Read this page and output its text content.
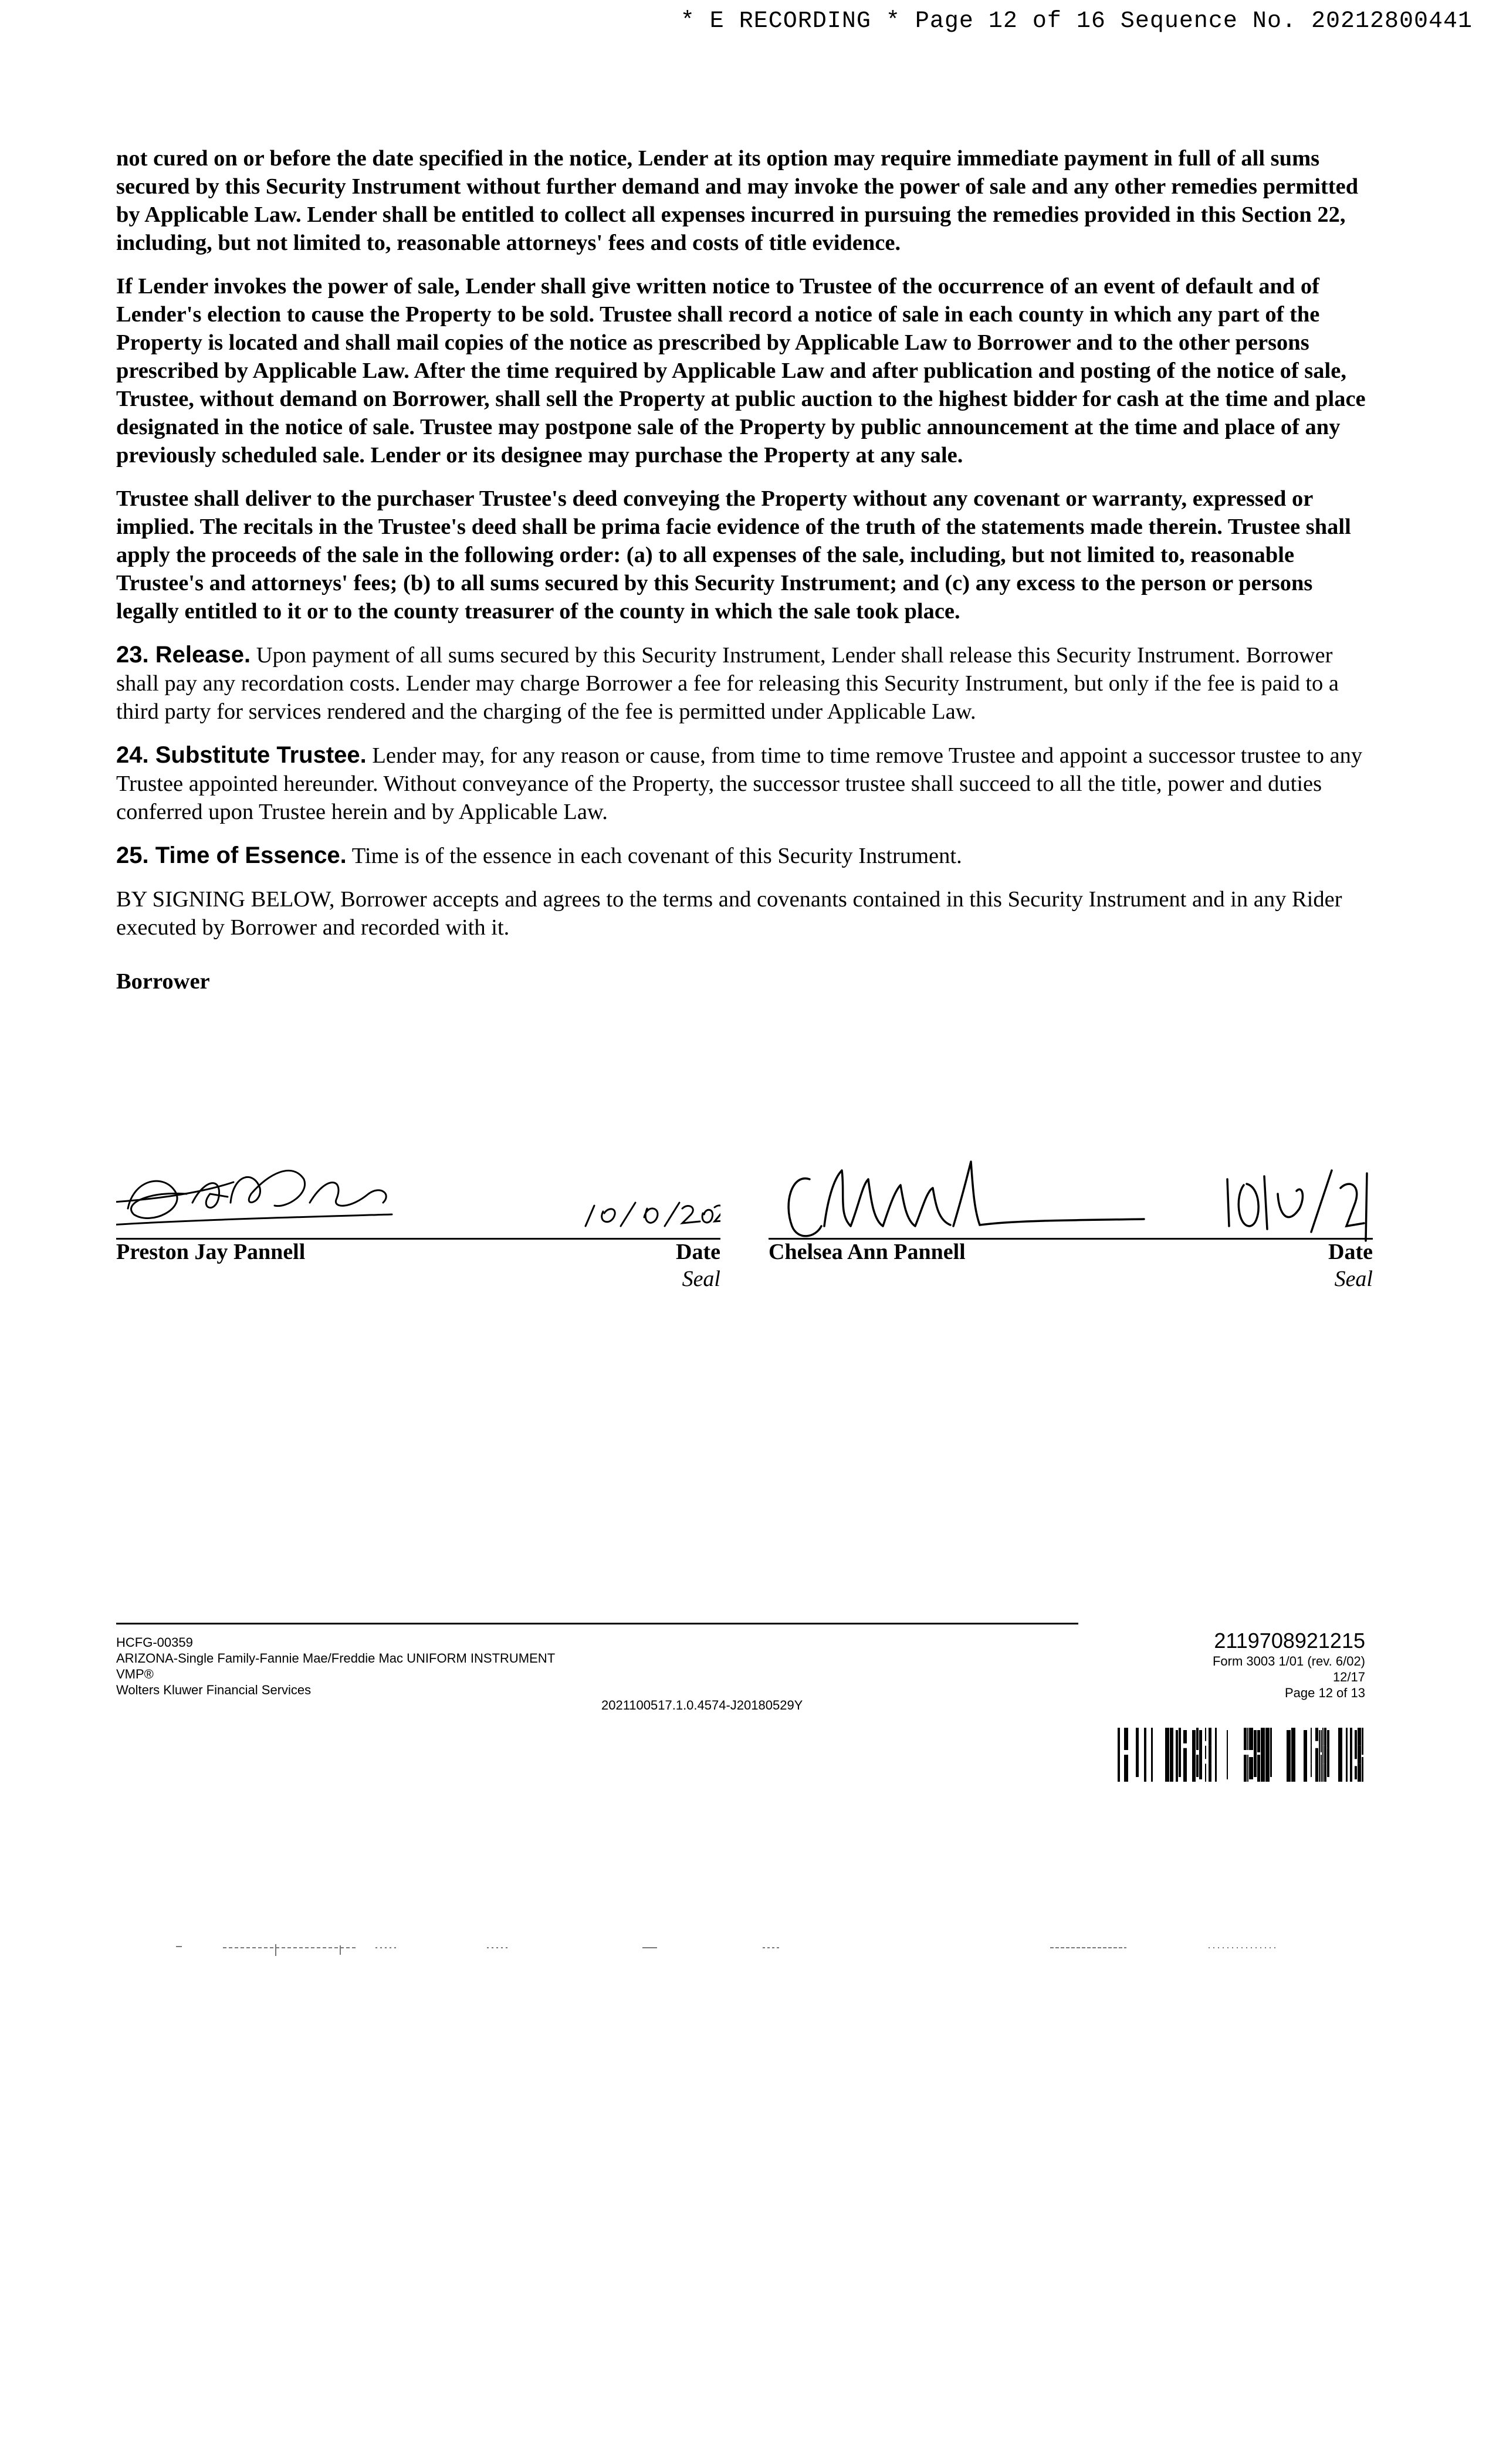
* E RECORDING * Page 12 of 16 Sequence No. 20212800441

not cured on or before the date specified in the notice, Lender at its option may require immediate payment in full of all sums secured by this Security Instrument without further demand and may invoke the power of sale and any other remedies permitted by Applicable Law. Lender shall be entitled to collect all expenses incurred in pursuing the remedies provided in this Section 22, including, but not limited to, reasonable attorneys' fees and costs of title evidence.

If Lender invokes the power of sale, Lender shall give written notice to Trustee of the occurrence of an event of default and of Lender's election to cause the Property to be sold. Trustee shall record a notice of sale in each county in which any part of the Property is located and shall mail copies of the notice as prescribed by Applicable Law to Borrower and to the other persons prescribed by Applicable Law. After the time required by Applicable Law and after publication and posting of the notice of sale, Trustee, without demand on Borrower, shall sell the Property at public auction to the highest bidder for cash at the time and place designated in the notice of sale. Trustee may postpone sale of the Property by public announcement at the time and place of any previously scheduled sale. Lender or its designee may purchase the Property at any sale.

Trustee shall deliver to the purchaser Trustee's deed conveying the Property without any covenant or warranty, expressed or implied. The recitals in the Trustee's deed shall be prima facie evidence of the truth of the statements made therein. Trustee shall apply the proceeds of the sale in the following order: (a) to all expenses of the sale, including, but not limited to, reasonable Trustee's and attorneys' fees; (b) to all sums secured by this Security Instrument; and (c) any excess to the person or persons legally entitled to it or to the county treasurer of the county in which the sale took place.

23. Release. Upon payment of all sums secured by this Security Instrument, Lender shall release this Security Instrument. Borrower shall pay any recordation costs. Lender may charge Borrower a fee for releasing this Security Instrument, but only if the fee is paid to a third party for services rendered and the charging of the fee is permitted under Applicable Law.

24. Substitute Trustee. Lender may, for any reason or cause, from time to time remove Trustee and appoint a successor trustee to any Trustee appointed hereunder. Without conveyance of the Property, the successor trustee shall succeed to all the title, power and duties conferred upon Trustee herein and by Applicable Law.

25. Time of Essence. Time is of the essence in each covenant of this Security Instrument.

BY SIGNING BELOW, Borrower accepts and agrees to the terms and covenants contained in this Security Instrument and in any Rider executed by Borrower and recorded with it.

Borrower
Preston Jay Pannell	Date
Seal
Chelsea Ann Pannell	Date
Seal
HCFG-00359
ARIZONA-Single Family-Fannie Mae/Freddie Mac UNIFORM INSTRUMENT
VMP®
Wolters Kluwer Financial Services
2021100517.1.0.4574-J20180529Y
2119708921215
Form 3003 1/01 (rev. 6/02)
12/17
Page 12 of 13
